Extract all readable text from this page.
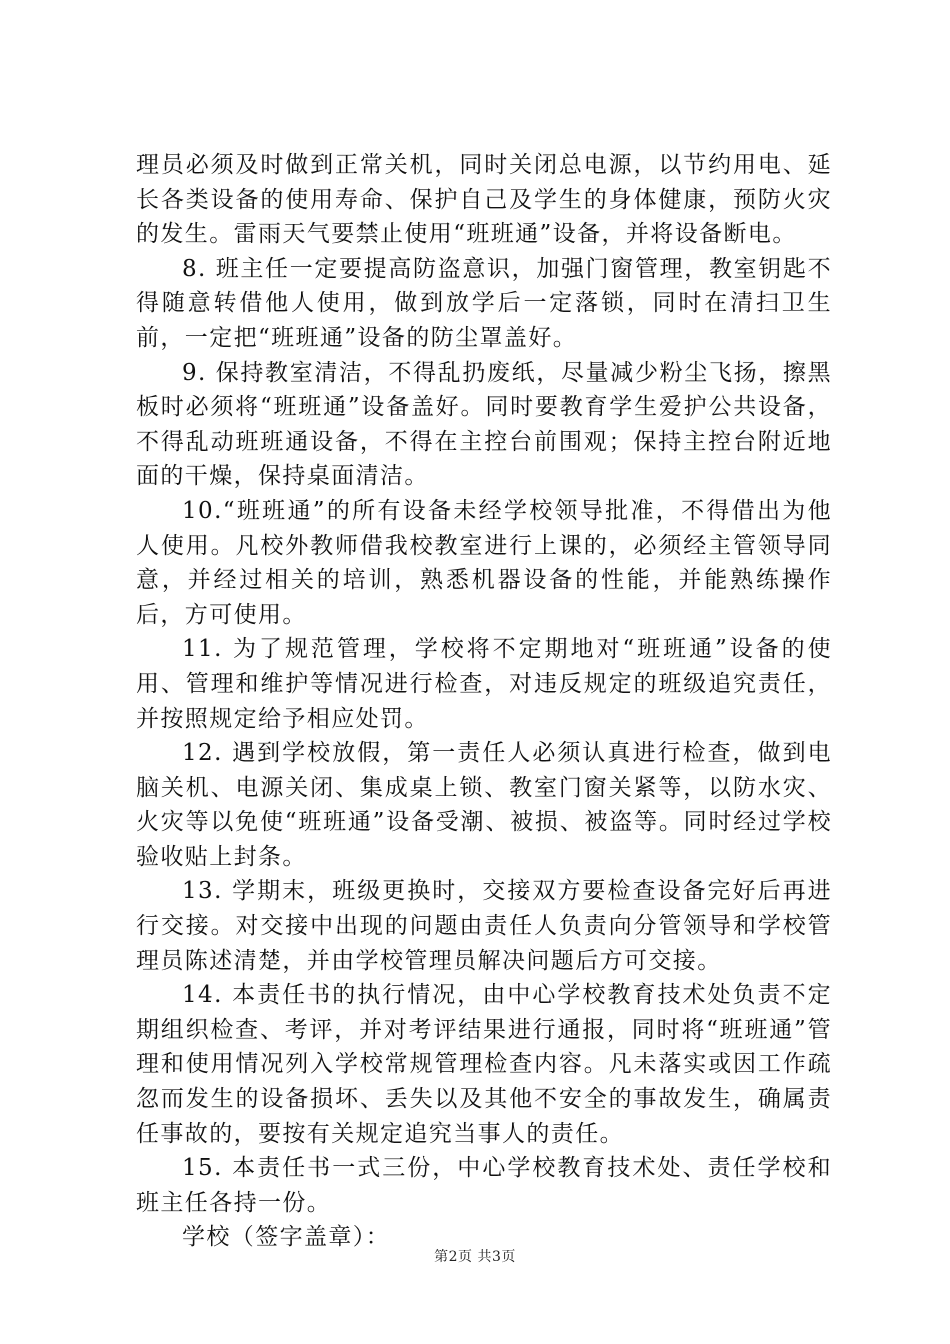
理员必须及时做到正常关机，同时关闭总电源，以节约用电、延长各类设备的使用寿命、保护自己及学生的身体健康，预防火灾的发生。雷雨天气要禁止使用“班班通”设备，并将设备断电。

8. 班主任一定要提高防盗意识，加强门窗管理，教室钥匙不得随意转借他人使用，做到放学后一定落锁，同时在清扫卫生前，一定把“班班通”设备的防尘罩盖好。

9. 保持教室清洁，不得乱扔废纸，尽量减少粉尘飞扬，擦黑板时必须将“班班通”设备盖好。同时要教育学生爱护公共设备，不得乱动班班通设备，不得在主控台前围观；保持主控台附近地面的干燥，保持桌面清洁。

10.“班班通”的所有设备未经学校领导批准，不得借出为他人使用。凡校外教师借我校教室进行上课的，必须经主管领导同意，并经过相关的培训，熟悉机器设备的性能，并能熟练操作后，方可使用。

11. 为了规范管理，学校将不定期地对“班班通”设备的使用、管理和维护等情况进行检查，对违反规定的班级追究责任，并按照规定给予相应处罚。

12. 遇到学校放假，第一责任人必须认真进行检查，做到电脑关机、电源关闭、集成桌上锁、教室门窗关紧等，以防水灾、火灾等以免使“班班通”设备受潮、被损、被盗等。同时经过学校验收贴上封条。

13. 学期末，班级更换时，交接双方要检查设备完好后再进行交接。对交接中出现的问题由责任人负责向分管领导和学校管理员陈述清楚，并由学校管理员解决问题后方可交接。

14. 本责任书的执行情况，由中心学校教育技术处负责不定期组织检查、考评，并对考评结果进行通报，同时将“班班通”管理和使用情况列入学校常规管理检查内容。凡未落实或因工作疏忽而发生的设备损坏、丢失以及其他不安全的事故发生，确属责任事故的，要按有关规定追究当事人的责任。

15. 本责任书一式三份，中心学校教育技术处、责任学校和班主任各持一份。

学校（签字盖章）：

第2页 共3页
